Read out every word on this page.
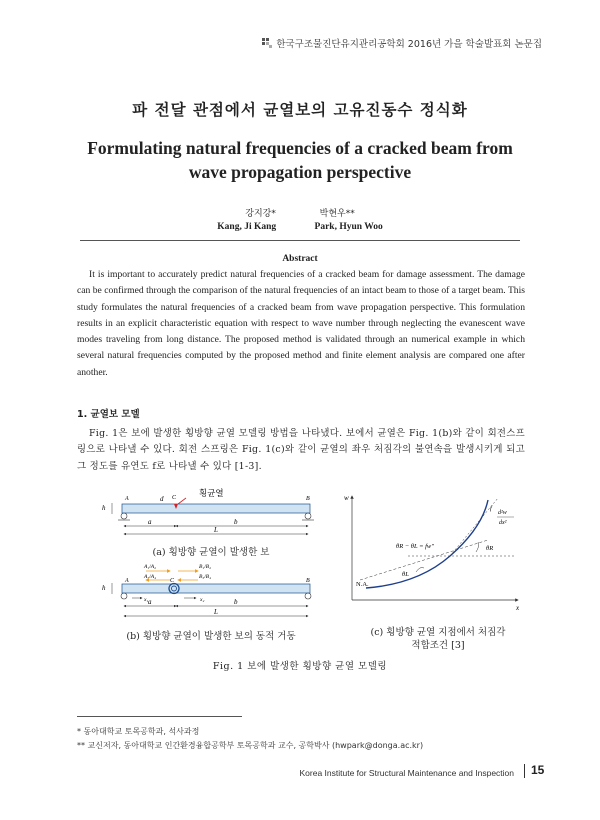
한국구조물진단유지관리공학회 2016년 가을 학술발표회 논문집
파 전달 관점에서 균열보의 고유진동수 정식화
Formulating natural frequencies of a cracked beam from
wave propagation perspective
강지강*	박현우**
Kang, Ji Kang	Park, Hyun Woo
Abstract
It is important to accurately predict natural frequencies of a cracked beam for damage assessment. The damage can be confirmed through the comparison of the natural frequencies of an intact beam to those of a target beam. This study formulates the natural frequencies of a cracked beam from wave propagation perspective. This formulation results in an explicit characteristic equation with respect to wave number through neglecting the evanescent wave modes traveling from long distance. The proposed method is validated through an numerical example in which several natural frequencies computed by the proposed method and finite element analysis are compared one after another.
1. 균열보 모델
Fig. 1은 보에 발생한 횡방향 균열 모델링 방법을 나타냈다. 보에서 균열은 Fig. 1(b)와 같이 회전스프링으로 나타낼 수 있다. 회전 스프링은 Fig. 1(c)와 같이 균열의 좌우 처짐각의 불연속을 발생시키게 되고 그 정도를 유연도 f로 나타낼 수 있다 [1-3].
횡균열
A	d C	B
h
a	b
L
(a) 횡방향 균열이 발생한 보
A₁/A₂
A₃/A₄
B₁/B₂
B₃/B₄
A	C	B
h
x₁	x₂
a	b
L
(b) 횡방향 균열이 발생한 보의 동적 거동
w
x
N.A.
θR − θL = fw″
θL
θR
f
d²w
dx²
(c) 횡방향 균열 지점에서 처짐각
적합조건 [3]
Fig. 1 보에 발생한 횡방향 균열 모델링
* 동아대학교 토목공학과, 석사과정
** 교신저자, 동아대학교 인간환경융합공학부 토목공학과 교수, 공학박사 (hwpark@donga.ac.kr)
Korea Institute for Structural Maintenance and Inspection 15
